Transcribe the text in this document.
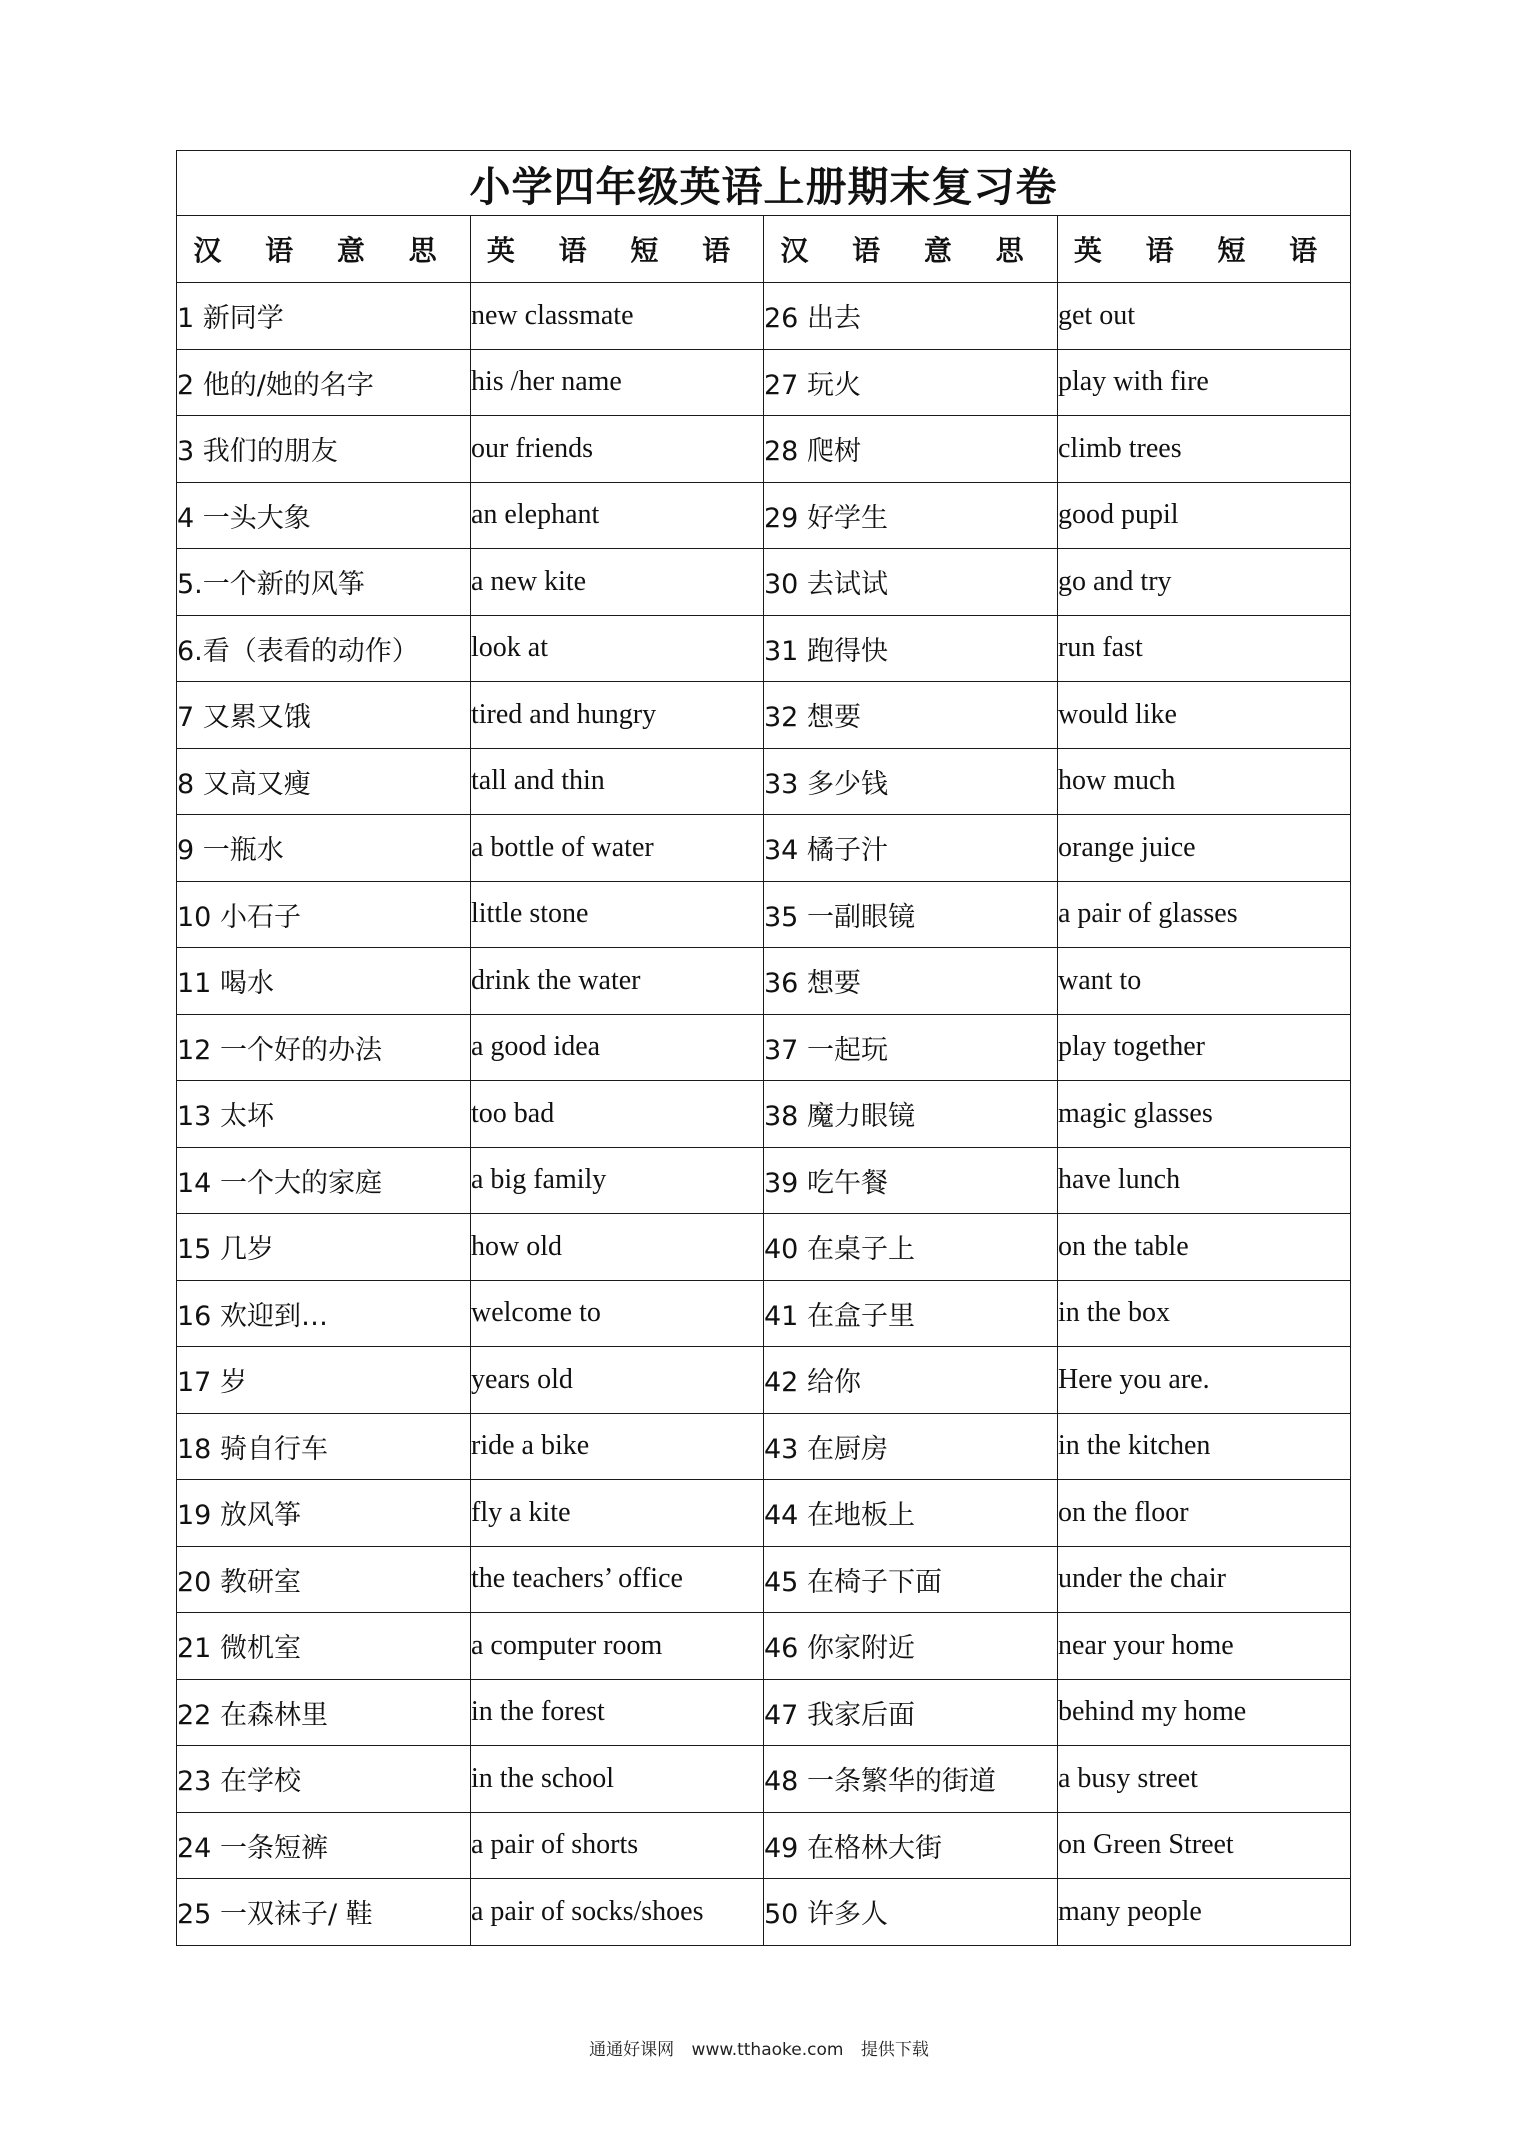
小学四年级英语上册期末复习卷			
汉 语 意 思	英 语 短 语	汉 语 意 思	英 语 短 语
1 新同学	new classmate	26 出去	get out
2 他的/她的名字	his /her name	27 玩火	play with fire
3 我们的朋友	our friends	28 爬树	climb trees
4 一头大象	an elephant	29 好学生	good pupil
5.一个新的风筝	a new kite	30 去试试	go and try
6.看（表看的动作）	look at	31 跑得快	run fast
7 又累又饿	tired and hungry	32 想要	would like
8 又高又瘦	tall and thin	33 多少钱	how much
9 一瓶水	a bottle of water	34 橘子汁	orange juice
10 小石子	little stone	35 一副眼镜	a pair of glasses
11 喝水	drink the water	36 想要	want to
12 一个好的办法	a good idea	37 一起玩	play together
13 太坏	too bad	38 魔力眼镜	magic glasses
14 一个大的家庭	a big family	39 吃午餐	have lunch
15 几岁	how old	40 在桌子上	on the table
16 欢迎到…	welcome to	41 在盒子里	in the box
17 岁	years old	42 给你	Here you are.
18 骑自行车	ride a bike	43 在厨房	in the kitchen
19 放风筝	fly a kite	44 在地板上	on the floor
20 教研室	the teachers’ office	45 在椅子下面	under the chair
21 微机室	a computer room	46 你家附近	near your home
22 在森林里	in the forest	47 我家后面	behind my home
23 在学校	in the school	48 一条繁华的街道	a busy street
24 一条短裤	a pair of shorts	49 在格林大街	on Green Street
25 一双袜子/ 鞋	a pair of socks/shoes	50 许多人	many people
通通好课网 www.tthaoke.com 提供下载
